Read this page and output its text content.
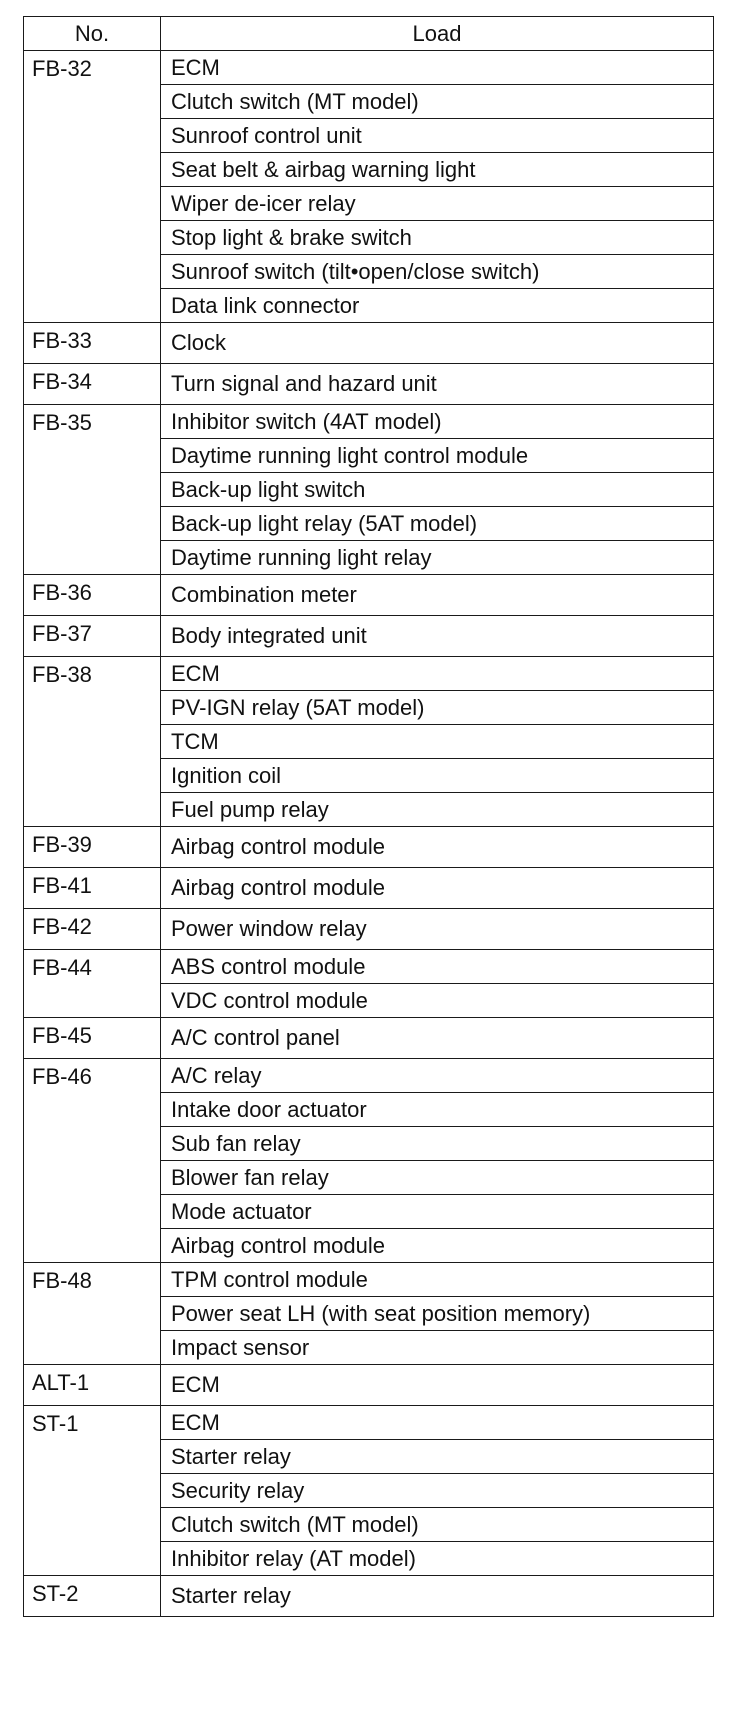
No.	Load
FB-32	ECM
	Clutch switch (MT model)
	Sunroof control unit
	Seat belt & airbag warning light
	Wiper de-icer relay
	Stop light & brake switch
	Sunroof switch (tilt•open/close switch)
	Data link connector
FB-33	Clock
FB-34	Turn signal and hazard unit
FB-35	Inhibitor switch (4AT model)
	Daytime running light control module
	Back-up light switch
	Back-up light relay (5AT model)
	Daytime running light relay
FB-36	Combination meter
FB-37	Body integrated unit
FB-38	ECM
	PV-IGN relay (5AT model)
	TCM
	Ignition coil
	Fuel pump relay
FB-39	Airbag control module
FB-41	Airbag control module
FB-42	Power window relay
FB-44	ABS control module
	VDC control module
FB-45	A/C control panel
FB-46	A/C relay
	Intake door actuator
	Sub fan relay
	Blower fan relay
	Mode actuator
	Airbag control module
FB-48	TPM control module
	Power seat LH (with seat position memory)
	Impact sensor
ALT-1	ECM
ST-1	ECM
	Starter relay
	Security relay
	Clutch switch (MT model)
	Inhibitor relay (AT model)
ST-2	Starter relay
